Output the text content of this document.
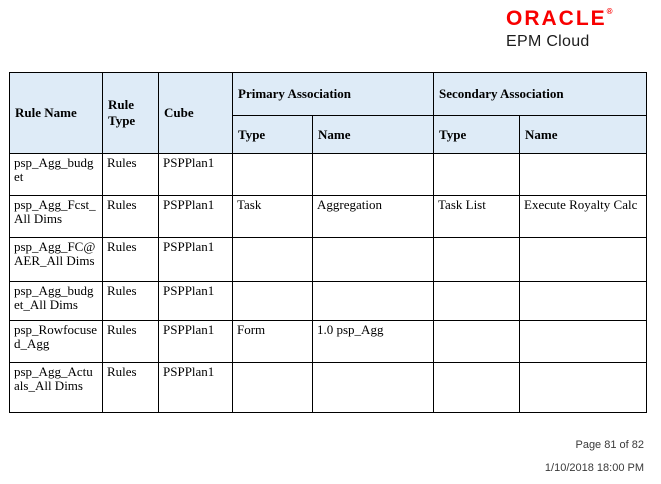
ORACLE®
EPM Cloud
Rule Name	Rule Type	Cube	Primary Association		Secondary Association	
			Type	Name	Type	Name
psp_Agg_budget	Rules	PSPPlan1				
psp_Agg_Fcst_All Dims	Rules	PSPPlan1	Task	Aggregation	Task List	Execute Royalty Calc
psp_Agg_FC@AER_All Dims	Rules	PSPPlan1				
psp_Agg_budget_All Dims	Rules	PSPPlan1				
psp_Rowfocused_Agg	Rules	PSPPlan1	Form	1.0 psp_Agg		
psp_Agg_Actuals_All Dims	Rules	PSPPlan1				
Page 81 of 82
1/10/2018 18:00 PM
